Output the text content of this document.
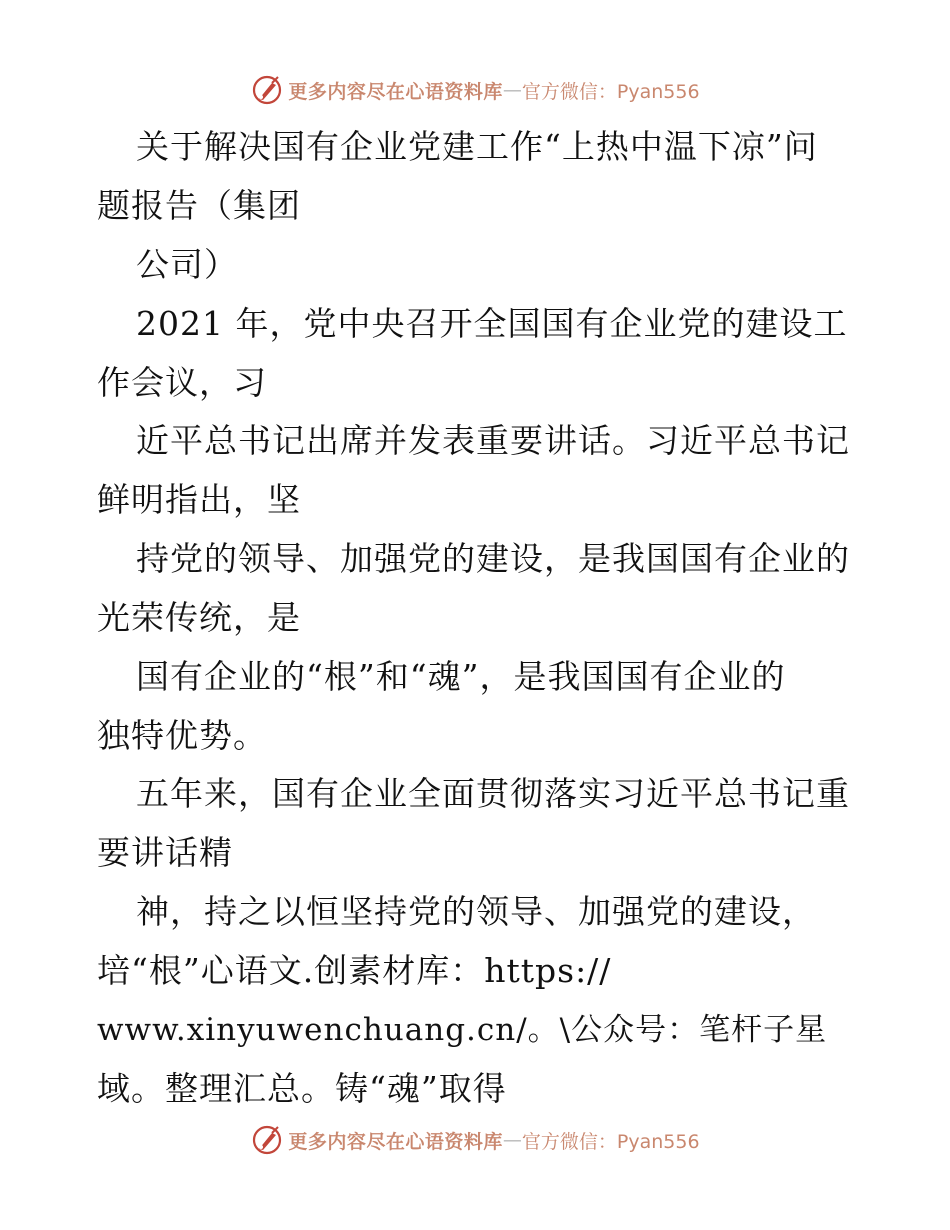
更多内容尽在心语资料库 — 官方微信：Pyan556
关于解决国有企业党建工作“上热中温下凉”问
题报告（集团
公司）
2021 年，党中央召开全国国有企业党的建设工
作会议，习
近平总书记出席并发表重要讲话。习近平总书记
鲜明指出，坚
持党的领导、加强党的建设，是我国国有企业的
光荣传统，是
国有企业的“根”和“魂”，是我国国有企业的
独特优势。
五年来，国有企业全面贯彻落实习近平总书记重
要讲话精
神，持之以恒坚持党的领导、加强党的建设，
培“根”心语文.创素材库：https://
www.xinyuwenchuang.cn/。\公众号：笔杆子星
域。整理汇总。铸“魂”取得
更多内容尽在心语资料库 — 官方微信：Pyan556
